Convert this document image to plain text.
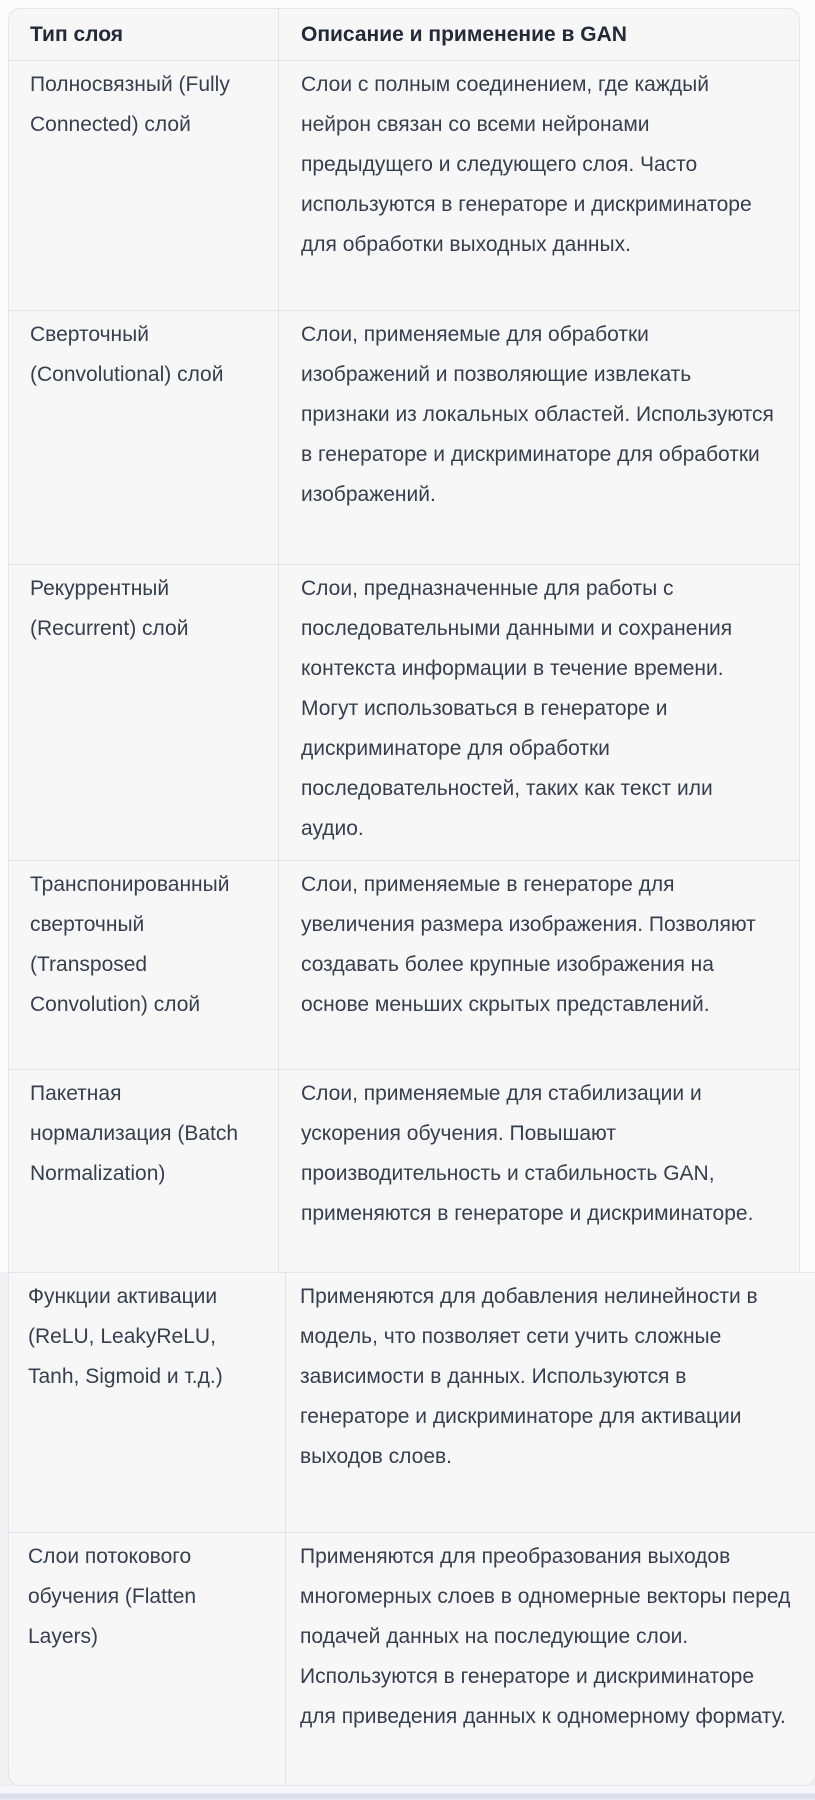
Тип слоя	Описание и применение в GAN
Полносвязный (Fully Connected) слой
Слои с полным соединением, где каждый нейрон связан со всеми нейронами предыдущего и следующего слоя. Часто используются в генераторе и дискриминаторе для обработки выходных данных.
Сверточный (Convolutional) слой
Слои, применяемые для обработки изображений и позволяющие извлекать признаки из локальных областей. Используются в генераторе и дискриминаторе для обработки изображений.
Рекуррентный (Recurrent) слой
Слои, предназначенные для работы с последовательными данными и сохранения контекста информации в течение времени. Могут использоваться в генераторе и дискриминаторе для обработки последовательностей, таких как текст или аудио.
Транспонированный сверточный (Transposed Convolution) слой
Слои, применяемые в генераторе для увеличения размера изображения. Позволяют создавать более крупные изображения на основе меньших скрытых представлений.
Пакетная нормализация (Batch Normalization)
Слои, применяемые для стабилизации и ускорения обучения. Повышают производительность и стабильность GAN, применяются в генераторе и дискриминаторе.
Функции активации (ReLU, LeakyReLU, Tanh, Sigmoid и т.д.)
Применяются для добавления нелинейности в модель, что позволяет сети учить сложные зависимости в данных. Используются в генераторе и дискриминаторе для активации выходов слоев.
Слои потокового обучения (Flatten Layers)
Применяются для преобразования выходов многомерных слоев в одномерные векторы перед подачей данных на последующие слои. Используются в генераторе и дискриминаторе для приведения данных к одномерному формату.
